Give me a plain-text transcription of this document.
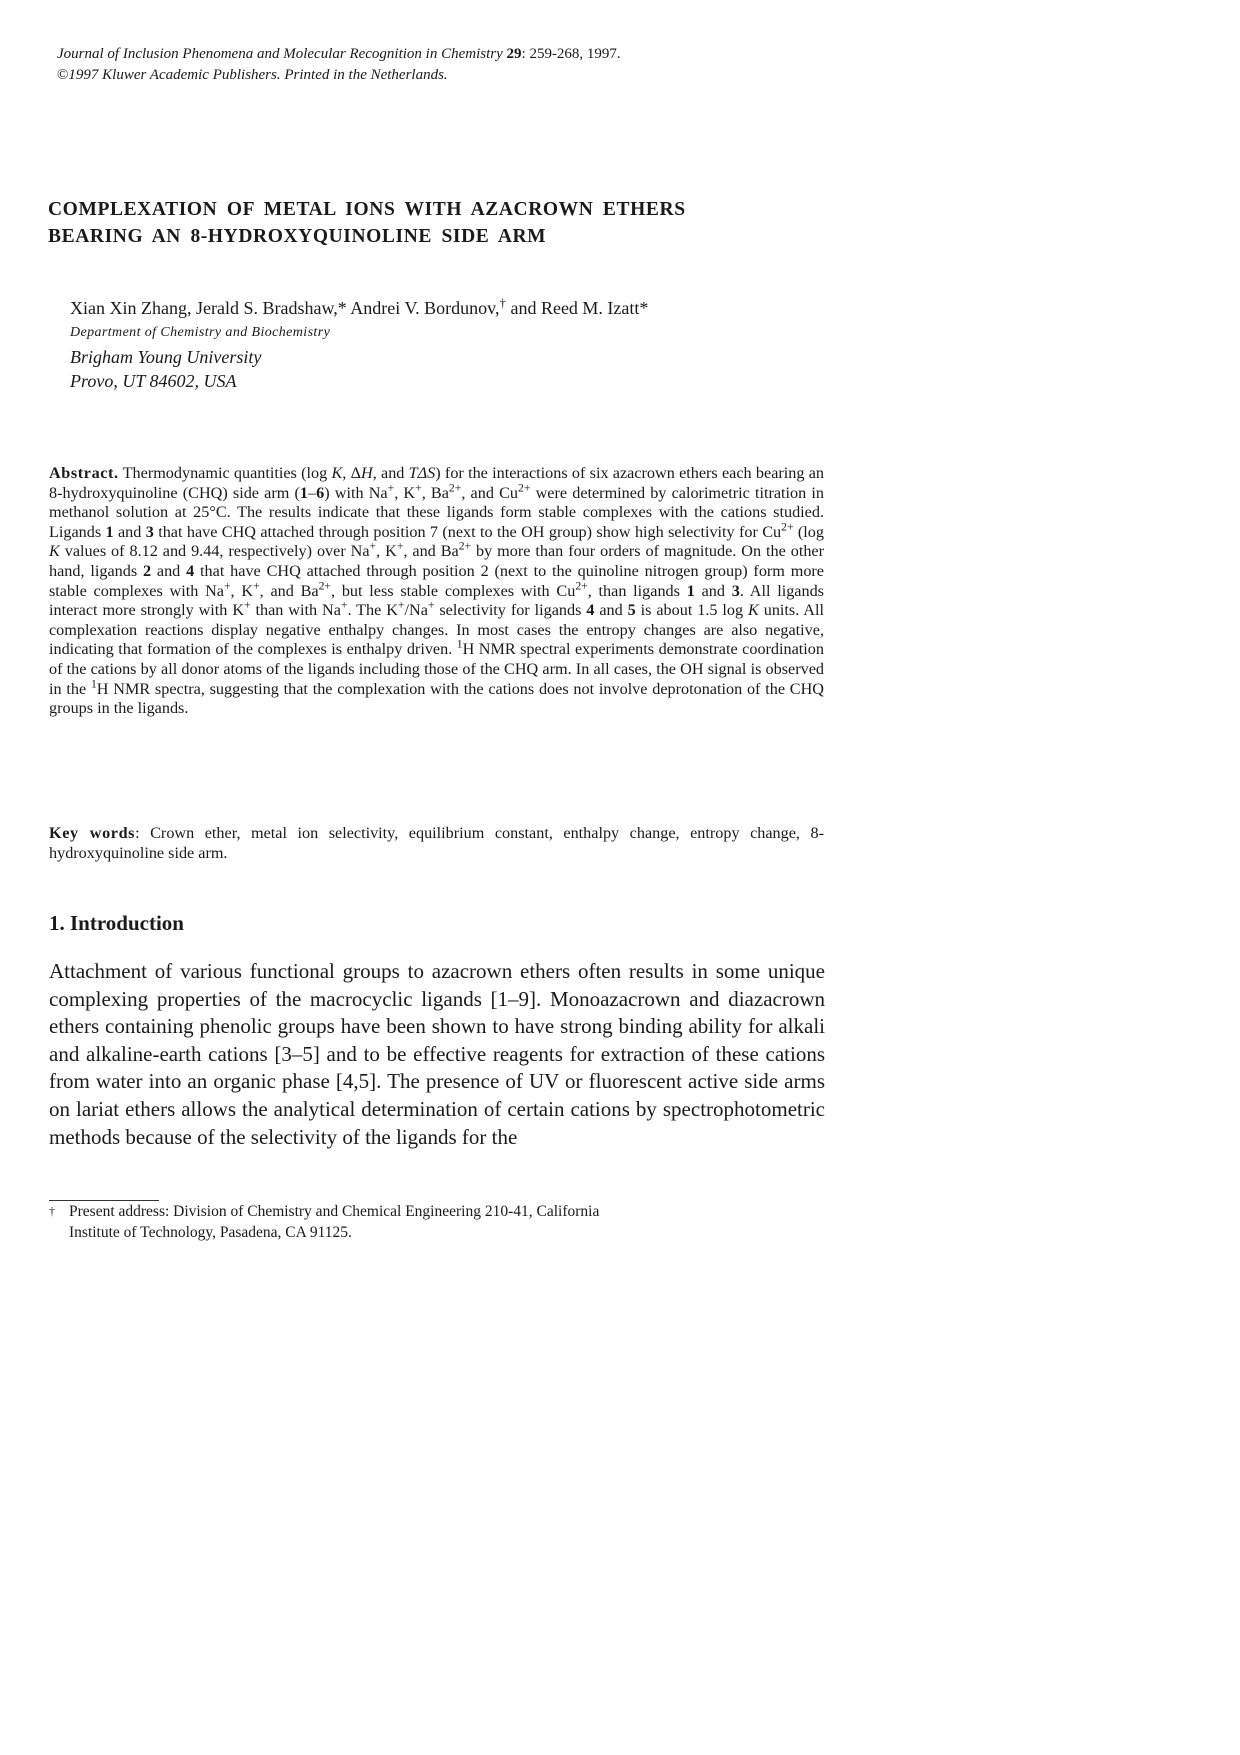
Journal of Inclusion Phenomena and Molecular Recognition in Chemistry 29: 259-268, 1997.
©1997 Kluwer Academic Publishers. Printed in the Netherlands.
COMPLEXATION OF METAL IONS WITH AZACROWN ETHERS
BEARING AN 8-HYDROXYQUINOLINE SIDE ARM
Xian Xin Zhang, Jerald S. Bradshaw,* Andrei V. Bordunov,† and Reed M. Izatt*
Department of Chemistry and Biochemistry
Brigham Young University
Provo, UT 84602, USA
Abstract. Thermodynamic quantities (log K, ΔH, and TΔS) for the interactions of six azacrown ethers each bearing an 8-hydroxyquinoline (CHQ) side arm (1–6) with Na+, K+, $Ba^{2+}$, and $Cu^{2+}$ were determined by calorimetric titration in methanol solution at 25°C. The results indicate that these ligands form stable complexes with the cations studied. Ligands 1 and 3 that have CHQ attached through position 7 (next to the OH group) show high selectivity for $Cu^{2+}$ (log K values of 8.12 and 9.44, respectively) over Na+, K+, and $Ba^{2+}$ by more than four orders of magnitude. On the other hand, ligands 2 and 4 that have CHQ attached through position 2 (next to the quinoline nitrogen group) form more stable complexes with Na+, K+, and $Ba^{2+}$, but less stable complexes with $Cu^{2+}$, than ligands 1 and 3. All ligands interact more strongly with K+ than with Na+. The K+/Na+ selectivity for ligands 4 and 5 is about 1.5 log K units. All complexation reactions display negative enthalpy changes. In most cases the entropy changes are also negative, indicating that formation of the complexes is enthalpy driven. $^1$H NMR spectral experiments demonstrate coordination of the cations by all donor atoms of the ligands including those of the CHQ arm. In all cases, the OH signal is observed in the $^1$H NMR spectra, suggesting that the complexation with the cations does not involve deprotonation of the CHQ groups in the ligands.
Key words: Crown ether, metal ion selectivity, equilibrium constant, enthalpy change, entropy change, 8-hydroxyquinoline side arm.
1. Introduction
Attachment of various functional groups to azacrown ethers often results in some unique complexing properties of the macrocyclic ligands [1–9]. Monoazacrown and diazacrown ethers containing phenolic groups have been shown to have strong binding ability for alkali and alkaline-earth cations [3–5] and to be effective reagents for extraction of these cations from water into an organic phase [4,5]. The presence of UV or fluorescent active side arms on lariat ethers allows the analytical determination of certain cations by spectrophotometric methods because of the selectivity of the ligands for the
† Present address: Division of Chemistry and Chemical Engineering 210-41, California
Institute of Technology, Pasadena, CA 91125.
